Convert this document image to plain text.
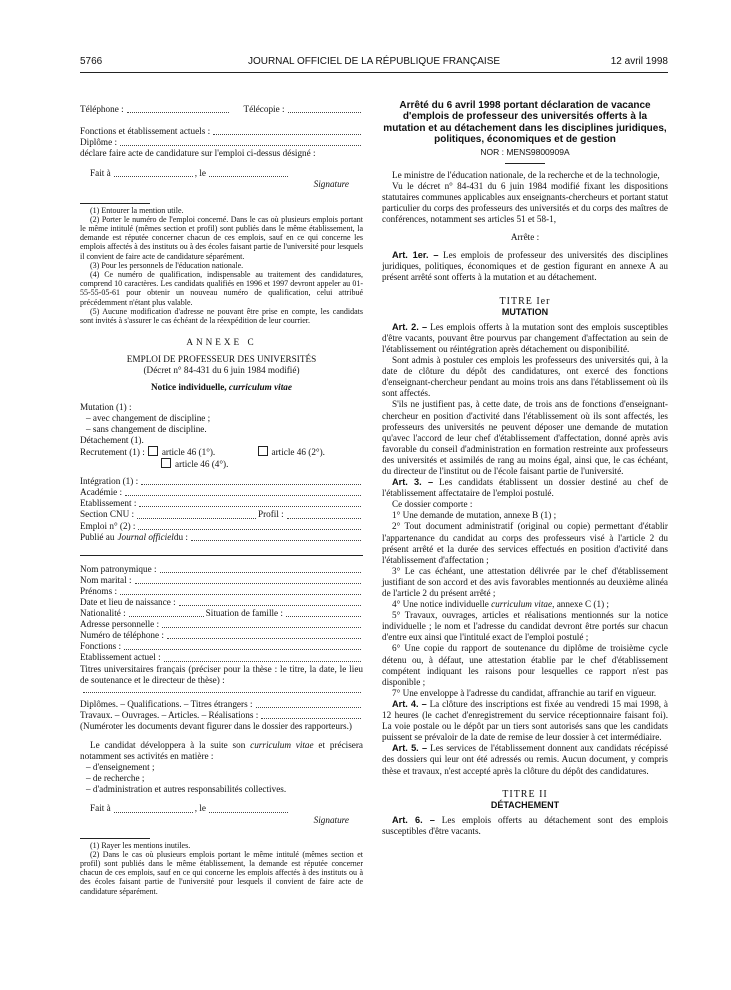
5766	JOURNAL OFFICIEL DE LA RÉPUBLIQUE FRANÇAISE	12 avril 1998
Téléphone :	Télécopie :
Fonctions et établissement actuels :
Diplôme :

déclare faire acte de candidature sur l'emploi ci-dessus désigné :

Fait à	, le

Signature

(1) Entourer la mention utile.

(2) Porter le numéro de l'emploi concerné. Dans le cas où plusieurs emplois portant le même intitulé (mêmes section et profil) sont publiés dans le même établissement, la demande est réputée concerner chacun de ces emplois, sauf en ce qui concerne les emplois affectés à des instituts ou à des écoles faisant partie de l'université pour lesquels il convient de faire acte de candidature séparément.

(3) Pour les personnels de l'éducation nationale.

(4) Ce numéro de qualification, indispensable au traitement des candidatures, comprend 10 caractères. Les candidats qualifiés en 1996 et 1997 devront appeler au 01-55-55-05-61 pour obtenir un nouveau numéro de qualification, celui attribué précédemment n'étant plus valable.

(5) Aucune modification d'adresse ne pouvant être prise en compte, les candidats sont invités à s'assurer le cas échéant de la réexpédition de leur courrier.

ANNEXE C

EMPLOI DE PROFESSEUR DES UNIVERSITÉS

(Décret n° 84-431 du 6 juin 1984 modifié)

Notice individuelle, curriculum vitae

Mutation (1) :

– avec changement de discipline ;

– sans changement de discipline.

Détachement (1).

Recrutement (1) : article 46 (1°).	article 46 (2°).
article 46 (4°).
Intégration (1) :
Académie :
Etablissement :
Section CNU :	Profil :
Emploi n° (2) :
Publié au Journal officiel du :
Nom patronymique :
Nom marital :
Prénoms :
Date et lieu de naissance :
Nationalité :	Situation de famille :
Adresse personnelle :
Numéro de téléphone :
Fonctions :
Etablissement actuel :

Titres universitaires français (préciser pour la thèse : le titre, la date, le lieu de soutenance et le directeur de thèse) :

Diplômes. – Qualifications. – Titres étrangers :
Travaux. – Ouvrages. – Articles. – Réalisations :

(Numéroter les documents devant figurer dans le dossier des rapporteurs.)

Le candidat développera à la suite son curriculum vitae et précisera notamment ses activités en matière :

– d'enseignement ;

– de recherche ;

– d'administration et autres responsabilités collectives.

Fait à	, le

Signature

(1) Rayer les mentions inutiles.

(2) Dans le cas où plusieurs emplois portant le même intitulé (mêmes section et profil) sont publiés dans le même établissement, la demande est réputée concerner chacun de ces emplois, sauf en ce qui concerne les emplois affectés à des instituts ou à des écoles faisant partie de l'université pour lesquels il convient de faire acte de candidature séparément.

Arrêté du 6 avril 1998 portant déclaration de vacance d'emplois de professeur des universités offerts à la mutation et au détachement dans les disciplines juridiques, politiques, économiques et de gestion

NOR : MENS9800909A

Le ministre de l'éducation nationale, de la recherche et de la technologie,

Vu le décret n° 84-431 du 6 juin 1984 modifié fixant les dispositions statutaires communes applicables aux enseignants-chercheurs et portant statut particulier du corps des professeurs des universités et du corps des maîtres de conférences, notamment ses articles 51 et 58-1,

Arrête :

Art. 1er. – Les emplois de professeur des universités des disciplines juridiques, politiques, économiques et de gestion figurant en annexe A au présent arrêté sont offerts à la mutation et au détachement.

TITRE Ier

MUTATION

Art. 2. – Les emplois offerts à la mutation sont des emplois susceptibles d'être vacants, pouvant être pourvus par changement d'affectation au sein de l'établissement ou réintégration après détachement ou disponibilité.

Sont admis à postuler ces emplois les professeurs des universités qui, à la date de clôture du dépôt des candidatures, ont exercé des fonctions d'enseignant-chercheur pendant au moins trois ans dans l'établissement où ils sont affectés.

S'ils ne justifient pas, à cette date, de trois ans de fonctions d'enseignant-chercheur en position d'activité dans l'établissement où ils sont affectés, les professeurs des universités ne peuvent déposer une demande de mutation qu'avec l'accord de leur chef d'établissement d'affectation, donné après avis favorable du conseil d'administration en formation restreinte aux professeurs des universités et assimilés de rang au moins égal, ainsi que, le cas échéant, du directeur de l'institut ou de l'école faisant partie de l'université.

Art. 3. – Les candidats établissent un dossier destiné au chef de l'établissement affectataire de l'emploi postulé.

Ce dossier comporte :

1° Une demande de mutation, annexe B (1) ;

2° Tout document administratif (original ou copie) permettant d'établir l'appartenance du candidat au corps des professeurs visé à l'article 2 du présent arrêté et la durée des services effectués en position d'activité dans l'établissement d'affectation ;

3° Le cas échéant, une attestation délivrée par le chef d'établissement justifiant de son accord et des avis favorables mentionnés au deuxième alinéa de l'article 2 du présent arrêté ;

4° Une notice individuelle curriculum vitae, annexe C (1) ;

5° Travaux, ouvrages, articles et réalisations mentionnés sur la notice individuelle ; le nom et l'adresse du candidat devront être portés sur chacun d'entre eux ainsi que l'intitulé exact de l'emploi postulé ;

6° Une copie du rapport de soutenance du diplôme de troisième cycle détenu ou, à défaut, une attestation établie par le chef d'établissement compétent indiquant les raisons pour lesquelles ce rapport n'est pas disponible ;

7° Une enveloppe à l'adresse du candidat, affranchie au tarif en vigueur.

Art. 4. – La clôture des inscriptions est fixée au vendredi 15 mai 1998, à 12 heures (le cachet d'enregistrement du service réceptionnaire faisant foi). La voie postale ou le dépôt par un tiers sont autorisés sans que les candidats puissent se prévaloir de la date de remise de leur dossier à cet intermédiaire.

Art. 5. – Les services de l'établissement donnent aux candidats récépissé des dossiers qui leur ont été adressés ou remis. Aucun document, y compris thèse et travaux, n'est accepté après la clôture du dépôt des candidatures.

TITRE II

DÉTACHEMENT

Art. 6. – Les emplois offerts au détachement sont des emplois susceptibles d'être vacants.
